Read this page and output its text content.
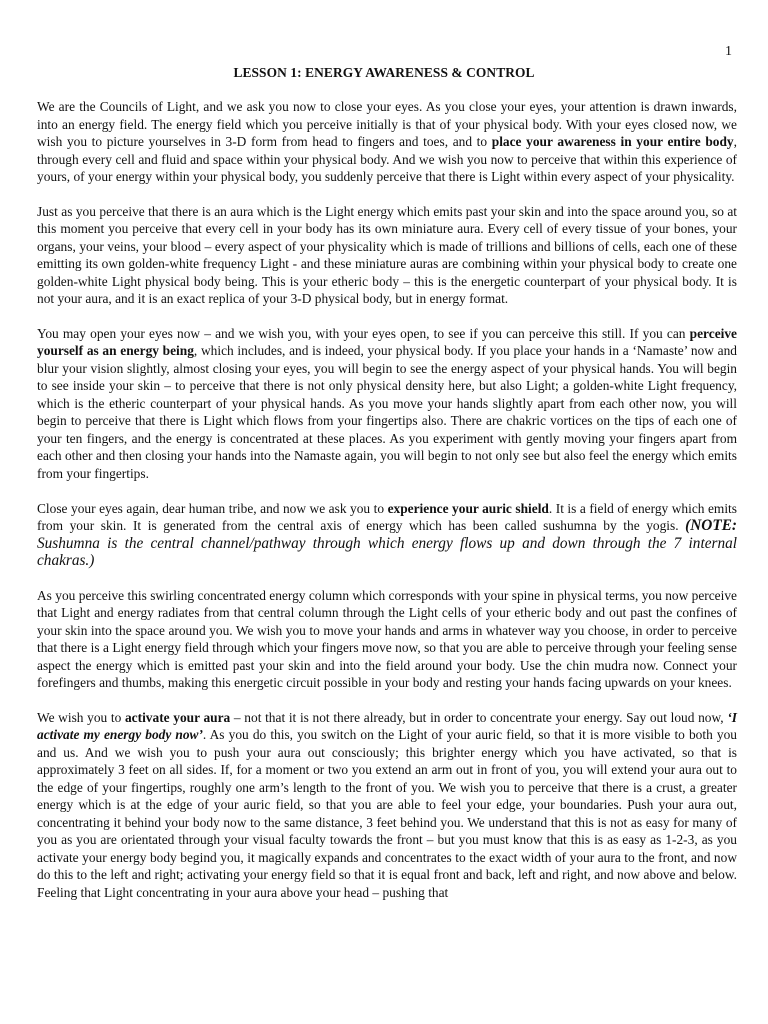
1

LESSON 1: ENERGY AWARENESS & CONTROL

We are the Councils of Light, and we ask you now to close your eyes. As you close your eyes, your attention is drawn inwards, into an energy field. The energy field which you perceive initially is that of your physical body. With your eyes closed now, we wish you to picture yourselves in 3-D form from head to fingers and toes, and to place your awareness in your entire body, through every cell and fluid and space within your physical body. And we wish you now to perceive that within this experience of yours, of your energy within your physical body, you suddenly perceive that there is Light within every aspect of your physicality.

Just as you perceive that there is an aura which is the Light energy which emits past your skin and into the space around you, so at this moment you perceive that every cell in your body has its own miniature aura. Every cell of every tissue of your bones, your organs, your veins, your blood – every aspect of your physicality which is made of trillions and billions of cells, each one of these emitting its own golden-white frequency Light - and these miniature auras are combining within your physical body to create one golden-white Light physical body being. This is your etheric body – this is the energetic counterpart of your physical body. It is not your aura, and it is an exact replica of your 3-D physical body, but in energy format.

You may open your eyes now – and we wish you, with your eyes open, to see if you can perceive this still. If you can perceive yourself as an energy being, which includes, and is indeed, your physical body. If you place your hands in a ‘Namaste’ now and blur your vision slightly, almost closing your eyes, you will begin to see the energy aspect of your physical hands. You will begin to see inside your skin – to perceive that there is not only physical density here, but also Light; a golden-white Light frequency, which is the etheric counterpart of your physical hands. As you move your hands slightly apart from each other now, you will begin to perceive that there is Light which flows from your fingertips also. There are chakric vortices on the tips of each one of your ten fingers, and the energy is concentrated at these places. As you experiment with gently moving your fingers apart from each other and then closing your hands into the Namaste again, you will begin to not only see but also feel the energy which emits from your fingertips.

Close your eyes again, dear human tribe, and now we ask you to experience your auric shield. It is a field of energy which emits from your skin. It is generated from the central axis of energy which has been called sushumna by the yogis. (NOTE: Sushumna is the central channel/pathway through which energy flows up and down through the 7 internal chakras.)

As you perceive this swirling concentrated energy column which corresponds with your spine in physical terms, you now perceive that Light and energy radiates from that central column through the Light cells of your etheric body and out past the confines of your skin into the space around you. We wish you to move your hands and arms in whatever way you choose, in order to perceive that there is a Light energy field through which your fingers move now, so that you are able to perceive through your feeling sense aspect the energy which is emitted past your skin and into the field around your body. Use the chin mudra now. Connect your forefingers and thumbs, making this energetic circuit possible in your body and resting your hands facing upwards on your knees.

We wish you to activate your aura – not that it is not there already, but in order to concentrate your energy. Say out loud now, ‘I activate my energy body now’. As you do this, you switch on the Light of your auric field, so that it is more visible to both you and us. And we wish you to push your aura out consciously; this brighter energy which you have activated, so that is approximately 3 feet on all sides. If, for a moment or two you extend an arm out in front of you, you will extend your aura out to the edge of your fingertips, roughly one arm’s length to the front of you. We wish you to perceive that there is a crust, a greater energy which is at the edge of your auric field, so that you are able to feel your edge, your boundaries. Push your aura out, concentrating it behind your body now to the same distance, 3 feet behind you. We understand that this is not as easy for many of you as you are orientated through your visual faculty towards the front – but you must know that this is as easy as 1-2-3, as you activate your energy body begind you, it magically expands and concentrates to the exact width of your aura to the front, and now do this to the left and right; activating your energy field so that it is equal front and back, left and right, and now above and below. Feeling that Light concentrating in your aura above your head – pushing that
